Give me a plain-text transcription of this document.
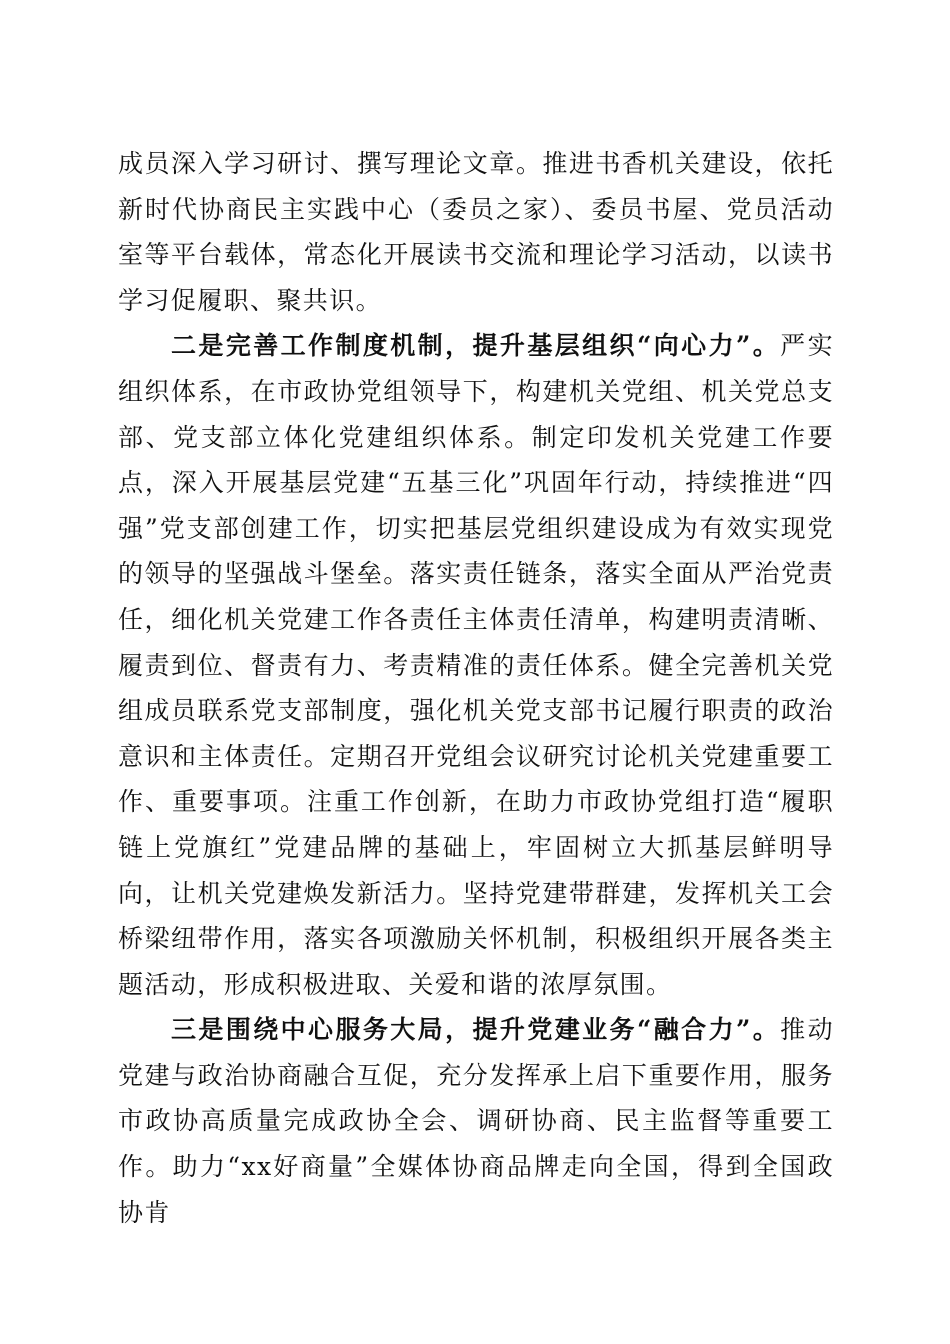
成员深入学习研讨、撰写理论文章。推进书香机关建设，依托新时代协商民主实践中心（委员之家）、委员书屋、党员活动室等平台载体，常态化开展读书交流和理论学习活动，以读书学习促履职、聚共识。

二是完善工作制度机制，提升基层组织“向心力”。严实组织体系，在市政协党组领导下，构建机关党组、机关党总支部、党支部立体化党建组织体系。制定印发机关党建工作要点，深入开展基层党建“五基三化”巩固年行动，持续推进“四强”党支部创建工作，切实把基层党组织建设成为有效实现党的领导的坚强战斗堡垒。落实责任链条，落实全面从严治党责任，细化机关党建工作各责任主体责任清单，构建明责清晰、履责到位、督责有力、考责精准的责任体系。健全完善机关党组成员联系党支部制度，强化机关党支部书记履行职责的政治意识和主体责任。定期召开党组会议研究讨论机关党建重要工作、重要事项。注重工作创新，在助力市政协党组打造“履职链上党旗红”党建品牌的基础上，牢固树立大抓基层鲜明导向，让机关党建焕发新活力。坚持党建带群建，发挥机关工会桥梁纽带作用，落实各项激励关怀机制，积极组织开展各类主题活动，形成积极进取、关爱和谐的浓厚氛围。

三是围绕中心服务大局，提升党建业务“融合力”。推动党建与政治协商融合互促，充分发挥承上启下重要作用，服务市政协高质量完成政协全会、调研协商、民主监督等重要工作。助力“xx好商量”全媒体协商品牌走向全国，得到全国政协肯
